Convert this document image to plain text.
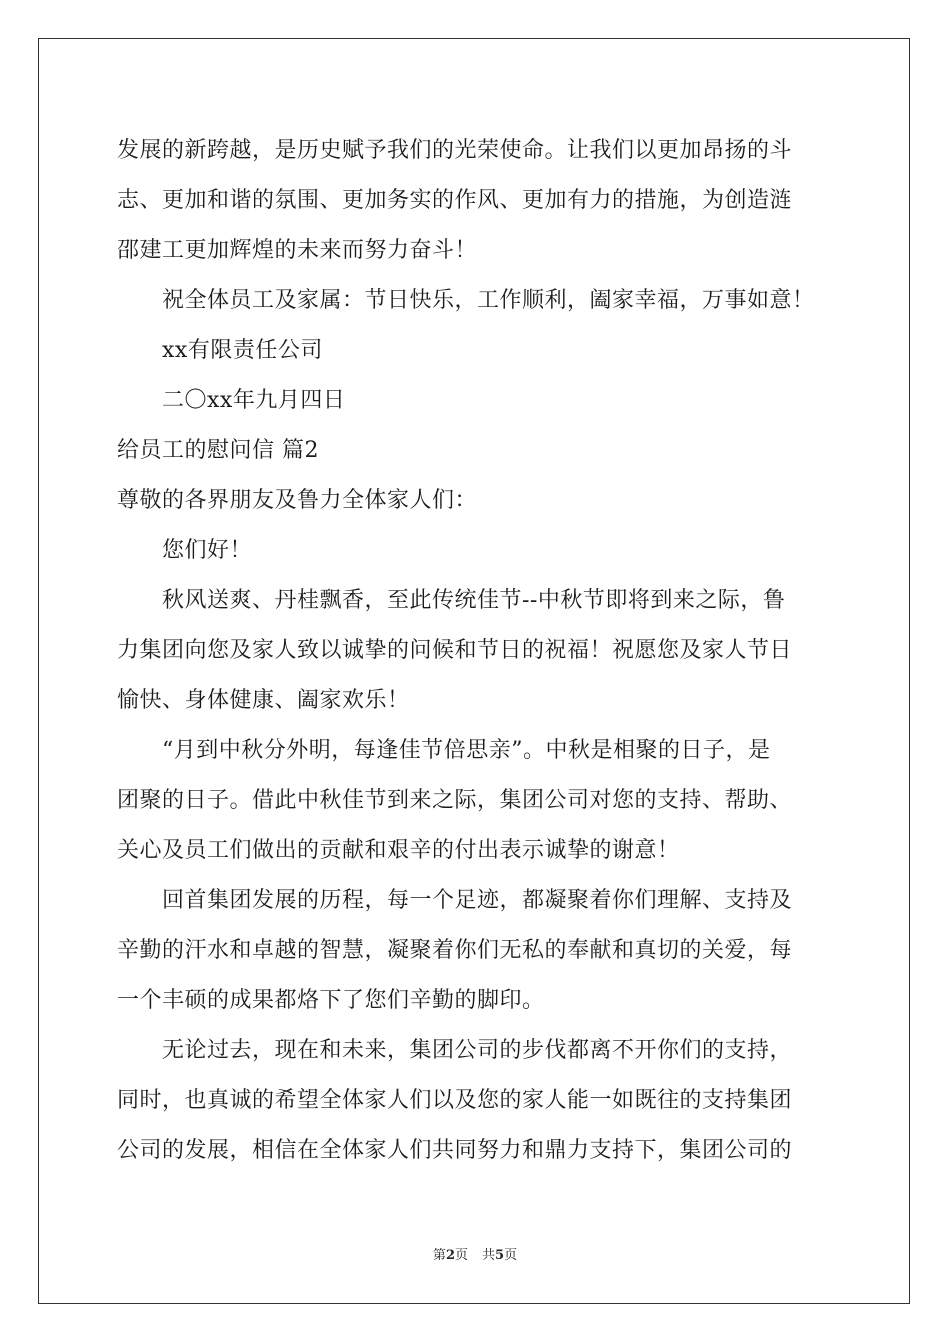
发展的新跨越，是历史赋予我们的光荣使命。让我们以更加昂扬的斗
志、更加和谐的氛围、更加务实的作风、更加有力的措施，为创造涟
邵建工更加辉煌的未来而努力奋斗！
祝全体员工及家属：节日快乐，工作顺利，阖家幸福，万事如意！
xx有限责任公司
二〇xx年九月四日
给员工的慰问信 篇2
尊敬的各界朋友及鲁力全体家人们：
您们好！
秋风送爽、丹桂飘香，至此传统佳节--中秋节即将到来之际，鲁
力集团向您及家人致以诚挚的问候和节日的祝福！祝愿您及家人节日
愉快、身体健康、阖家欢乐！
“月到中秋分外明，每逢佳节倍思亲”。中秋是相聚的日子，是
团聚的日子。借此中秋佳节到来之际，集团公司对您的支持、帮助、
关心及员工们做出的贡献和艰辛的付出表示诚挚的谢意！
回首集团发展的历程，每一个足迹，都凝聚着你们理解、支持及
辛勤的汗水和卓越的智慧，凝聚着你们无私的奉献和真切的关爱，每
一个丰硕的成果都烙下了您们辛勤的脚印。
无论过去，现在和未来，集团公司的步伐都离不开你们的支持，
同时，也真诚的希望全体家人们以及您的家人能一如既往的支持集团
公司的发展，相信在全体家人们共同努力和鼎力支持下，集团公司的
第2页 共5页
